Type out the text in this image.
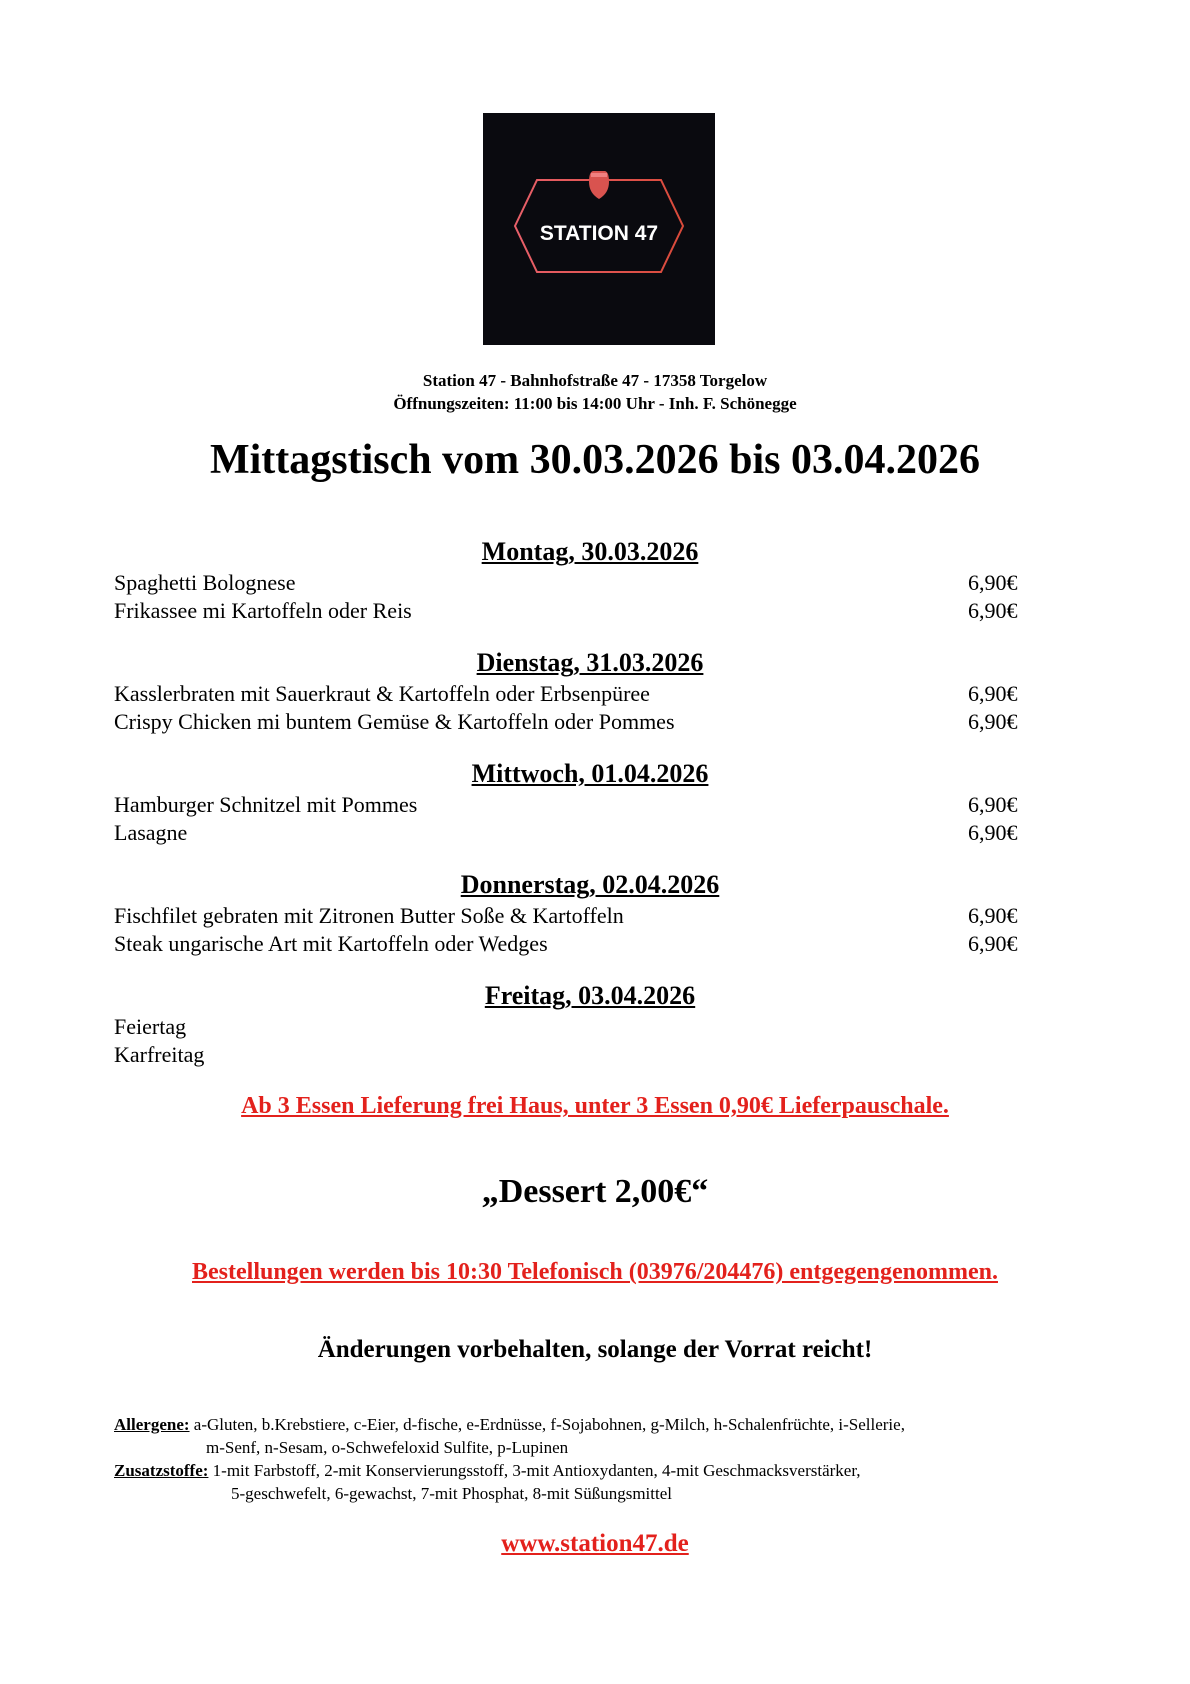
STATION 47
Station 47 - Bahnhofstraße 47 - 17358 Torgelow
Öffnungszeiten: 11:00 bis 14:00 Uhr - Inh. F. Schönegge
Mittagstisch vom 30.03.2026 bis 03.04.2026
Montag, 30.03.2026
Spaghetti Bolognese	6,90€
Frikassee mi Kartoffeln oder Reis	6,90€
Dienstag, 31.03.2026
Kasslerbraten mit Sauerkraut & Kartoffeln oder Erbsenpüree	6,90€
Crispy Chicken mi buntem Gemüse & Kartoffeln oder Pommes	6,90€
Mittwoch, 01.04.2026
Hamburger Schnitzel mit Pommes	6,90€
Lasagne	6,90€
Donnerstag, 02.04.2026
Fischfilet gebraten mit Zitronen Butter Soße & Kartoffeln	6,90€
Steak ungarische Art mit Kartoffeln oder Wedges	6,90€
Freitag, 03.04.2026
Feiertag
Karfreitag
Ab 3 Essen Lieferung frei Haus, unter 3 Essen 0,90€ Lieferpauschale.
„Dessert 2,00€“
Bestellungen werden bis 10:30 Telefonisch (03976/204476) entgegengenommen.
Änderungen vorbehalten, solange der Vorrat reicht!
Allergene: a-Gluten, b.Krebstiere, c-Eier, d-fische, e-Erdnüsse, f-Sojabohnen, g-Milch, h-Schalenfrüchte, i-Sellerie,
m-Senf, n-Sesam, o-Schwefeloxid Sulfite, p-Lupinen
Zusatzstoffe: 1-mit Farbstoff, 2-mit Konservierungsstoff, 3-mit Antioxydanten, 4-mit Geschmacksverstärker,
5-geschwefelt, 6-gewachst, 7-mit Phosphat, 8-mit Süßungsmittel
www.station47.de
